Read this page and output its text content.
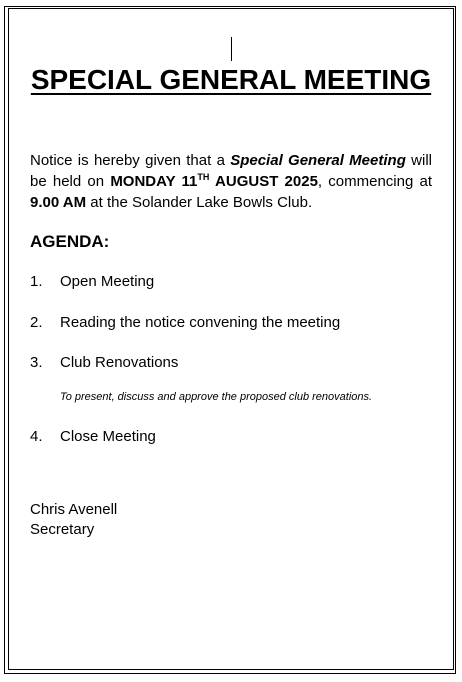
SPECIAL GENERAL MEETING
Notice is hereby given that a Special General Meeting will be held on MONDAY 11TH AUGUST 2025, commencing at 9.00 AM at the Solander Lake Bowls Club.
AGENDA:
1. Open Meeting
2. Reading the notice convening the meeting
3. Club Renovations
To present, discuss and approve the proposed club renovations.
4. Close Meeting
Chris Avenell
Secretary
